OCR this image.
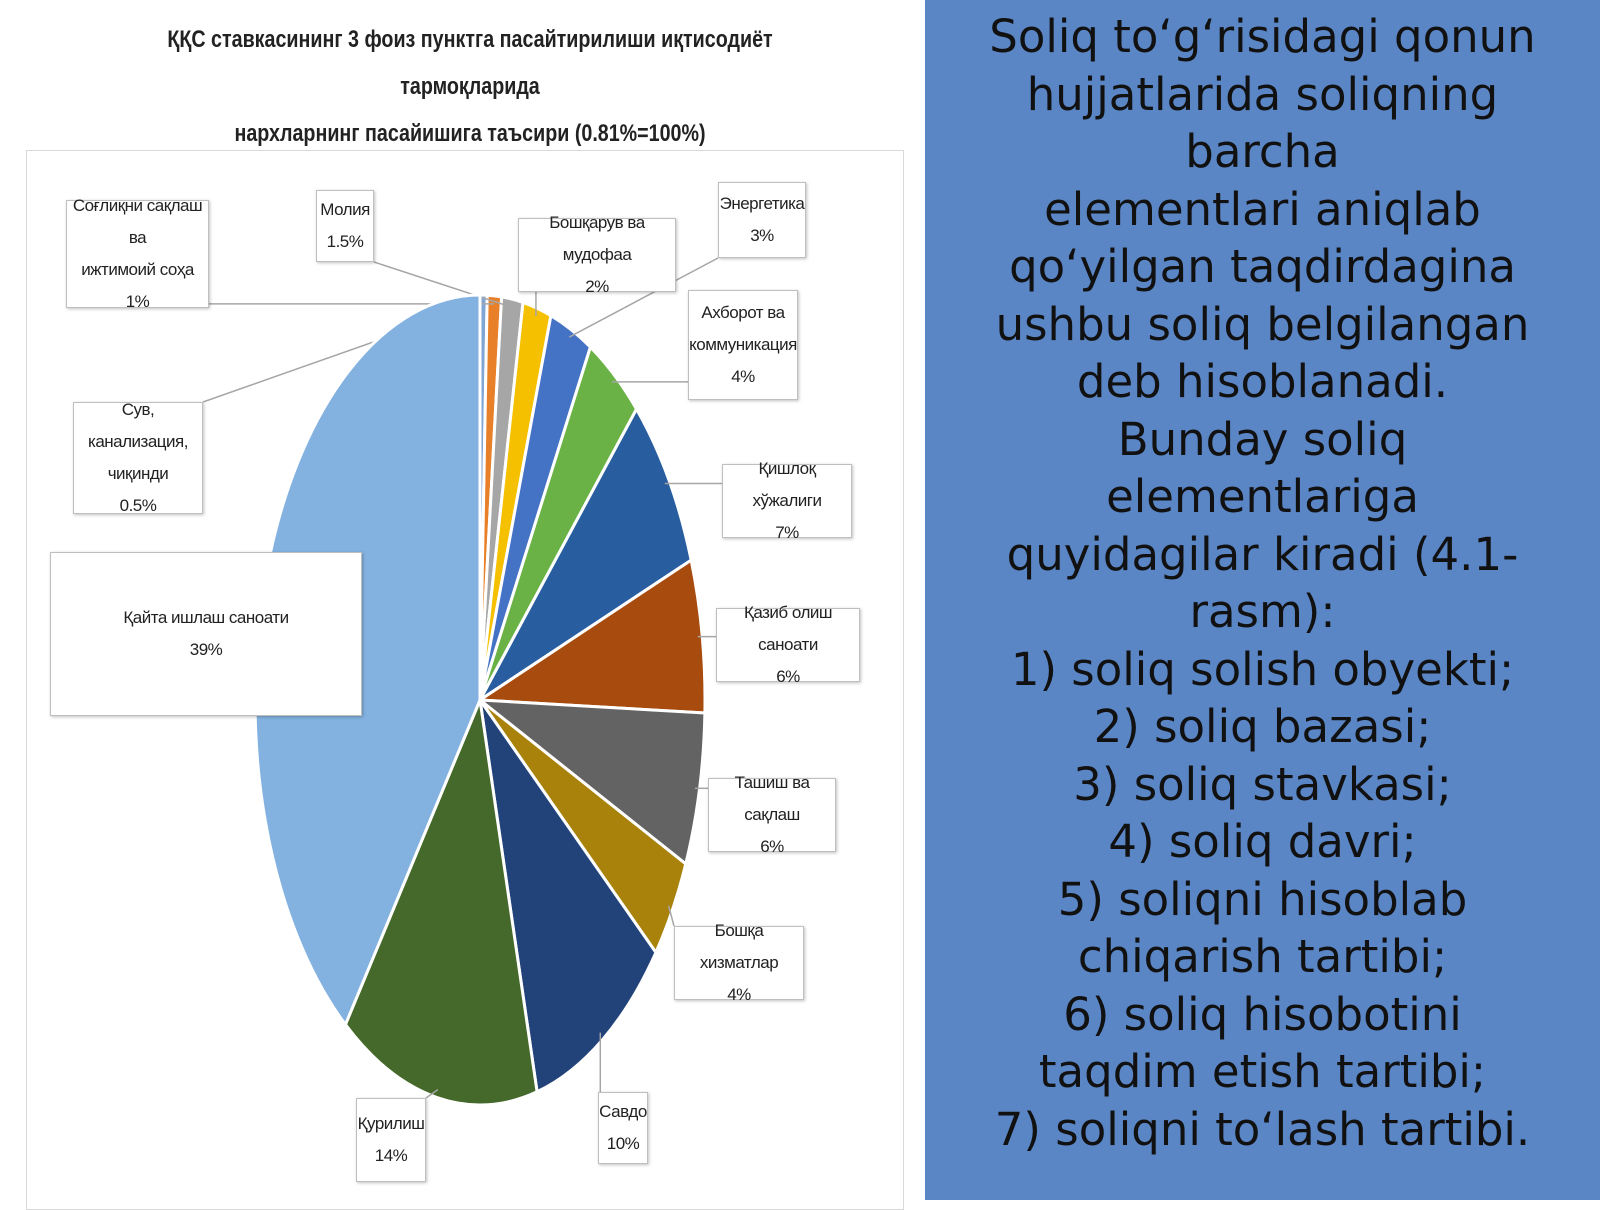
ҚҚС ставкасининг 3 фоиз пунктга пасайтирилиши иқтисодиёт тармоқларида
нархларнинг пасайишига таъсири (0.81%=100%)
Сув, канализация,
чиқинди
0.5%
Соғлиқни сақлаш ва
ижтимоий соҳа
1%
Молия
1.5%
Бошқарув ва мудофаа
2%
Энергетика
3%
Ахборот ва
коммуникация
4%
Қишлоқ хўжалиги
7%
Қазиб олиш саноати
6%
Ташиш ва сақлаш
6%
Бошқа хизматлар
4%
Савдо
10%
Қурилиш
14%
Қайта ишлаш саноати
39%
Soliq to‘g‘risidagi qonun
hujjatlarida soliqning
barcha
elementlari aniqlab
qo‘yilgan taqdirdagina
ushbu soliq belgilangan
deb hisoblanadi.
Bunday soliq
elementlariga
quyidagilar kiradi (4.1-
rasm):
1) soliq solish obyekti;
2) soliq bazasi;
3) soliq stavkasi;
4) soliq davri;
5) soliqni hisoblab
chiqarish tartibi;
6) soliq hisobotini
taqdim etish tartibi;
7) soliqni to‘lash tartibi.
